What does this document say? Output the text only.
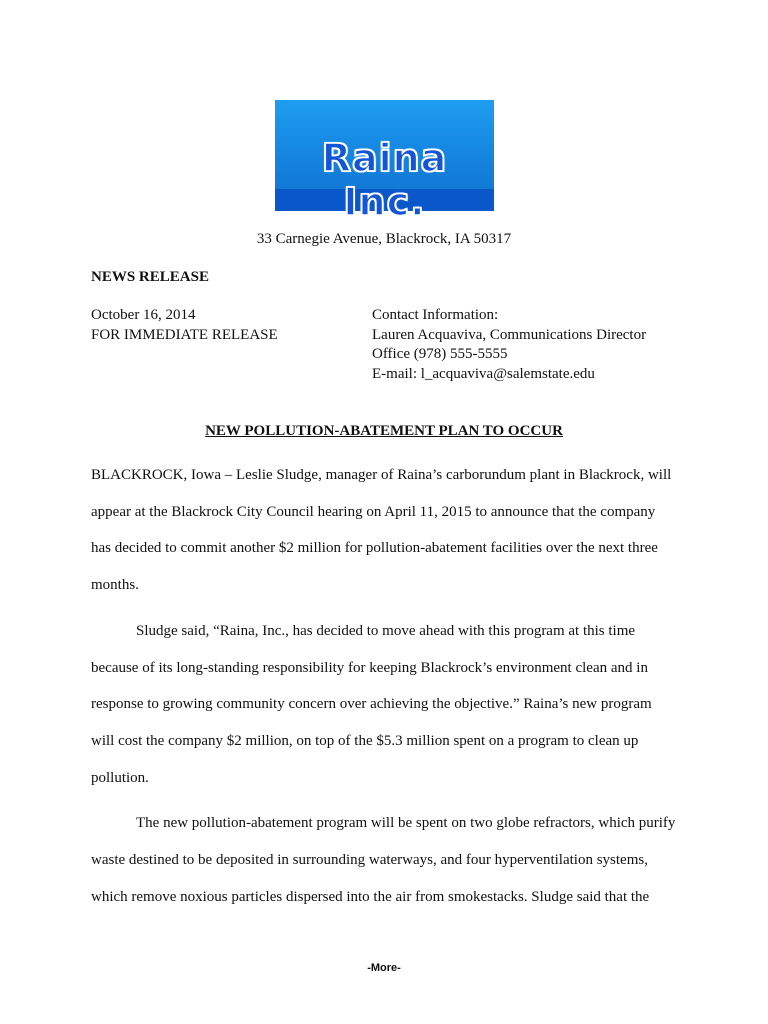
Raina Inc.
33 Carnegie Avenue, Blackrock, IA 50317
NEWS RELEASE
October 16, 2014
FOR IMMEDIATE RELEASE
Contact Information:
Lauren Acquaviva, Communications Director
Office (978) 555-5555
E-mail: l_acquaviva@salemstate.edu
NEW POLLUTION-ABATEMENT PLAN TO OCCUR

BLACKROCK, Iowa – Leslie Sludge, manager of Raina’s carborundum plant in Blackrock, will appear at the Blackrock City Council hearing on April 11, 2015 to announce that the company has decided to commit another $2 million for pollution-abatement facilities over the next three months.

Sludge said, “Raina, Inc., has decided to move ahead with this program at this time because of its long-standing responsibility for keeping Blackrock’s environment clean and in response to growing community concern over achieving the objective.” Raina’s new program will cost the company $2 million, on top of the $5.3 million spent on a program to clean up pollution.

The new pollution-abatement program will be spent on two globe refractors, which purify waste destined to be deposited in surrounding waterways, and four hyperventilation systems, which remove noxious particles dispersed into the air from smokestacks. Sludge said that the

-More-
